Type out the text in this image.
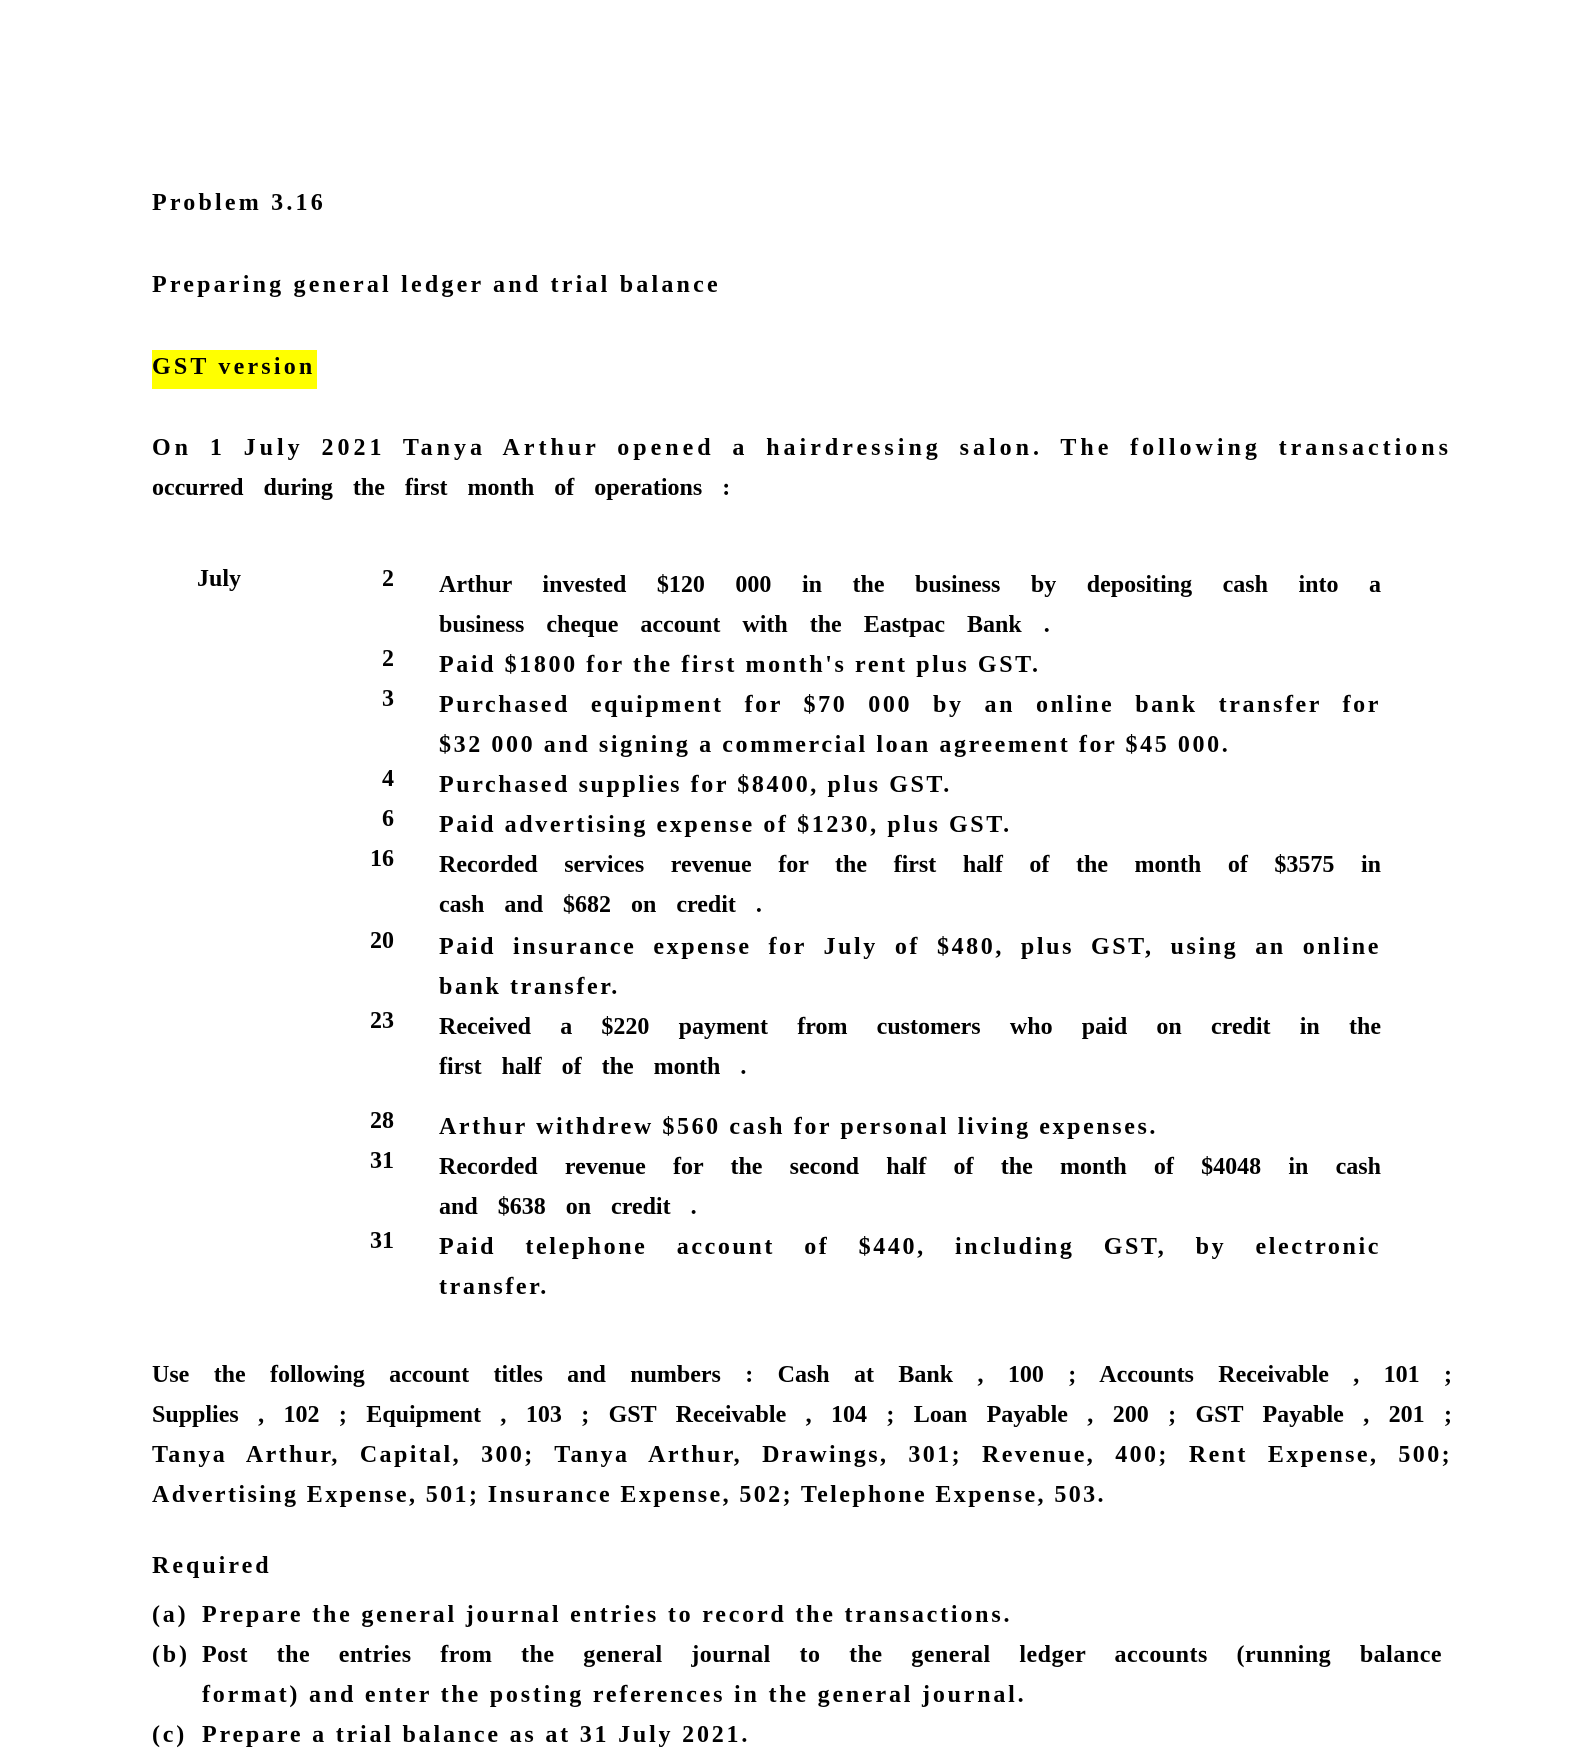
Problem 3.16
Preparing general ledger and trial balance
GST version
On 1 July 2021 Tanya Arthur opened a hairdressing salon. The following transactions
occurred during the first month of operations :
July	2 Arthur invested $120 000 in the business by depositing cash into a
business cheque account with the Eastpac Bank .
2 Paid $1800 for the first month's rent plus GST.
3 Purchased equipment for $70 000 by an online bank transfer for
$32 000 and signing a commercial loan agreement for $45 000.
4 Purchased supplies for $8400, plus GST.
6 Paid advertising expense of $1230, plus GST.
16 Recorded services revenue for the first half of the month of $3575 in
cash and $682 on credit .
20 Paid insurance expense for July of $480, plus GST, using an online
bank transfer.
23 Received a $220 payment from customers who paid on credit in the
first half of the month .
28 Arthur withdrew $560 cash for personal living expenses.
31 Recorded revenue for the second half of the month of $4048 in cash
and $638 on credit .
31 Paid telephone account of $440, including GST, by electronic
transfer.
Use the following account titles and numbers : Cash at Bank , 100 ; Accounts Receivable , 101 ;
Supplies , 102 ; Equipment , 103 ; GST Receivable , 104 ; Loan Payable , 200 ; GST Payable , 201 ;
Tanya Arthur, Capital, 300; Tanya Arthur, Drawings, 301; Revenue, 400; Rent Expense, 500;
Advertising Expense, 501; Insurance Expense, 502; Telephone Expense, 503.
Required
(a) Prepare the general journal entries to record the transactions.
(b) Post the entries from the general journal to the general ledger accounts (running balance
format) and enter the posting references in the general journal.
(c) Prepare a trial balance as at 31 July 2021.
